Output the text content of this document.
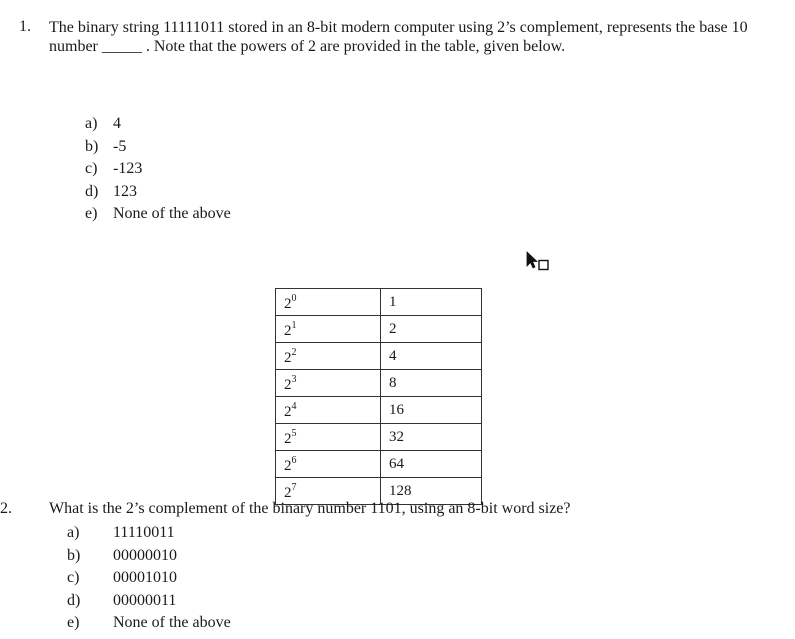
1. The binary string 11111011 stored in an 8-bit modern computer using 2’s complement, represents the base 10 number _____ . Note that the powers of 2 are provided in the table, given below.
a) 4
b) -5
c) -123
d) 123
e) None of the above
$2^0$	1
$2^1$	2
$2^2$	4
$2^3$	8
$2^4$	16
$2^5$	32
$2^6$	64
$2^7$	128
2. What is the 2’s complement of the binary number 1101, using an 8-bit word size?
a) 11110011
b) 00000010
c) 00001010
d) 00000011
e) None of the above
